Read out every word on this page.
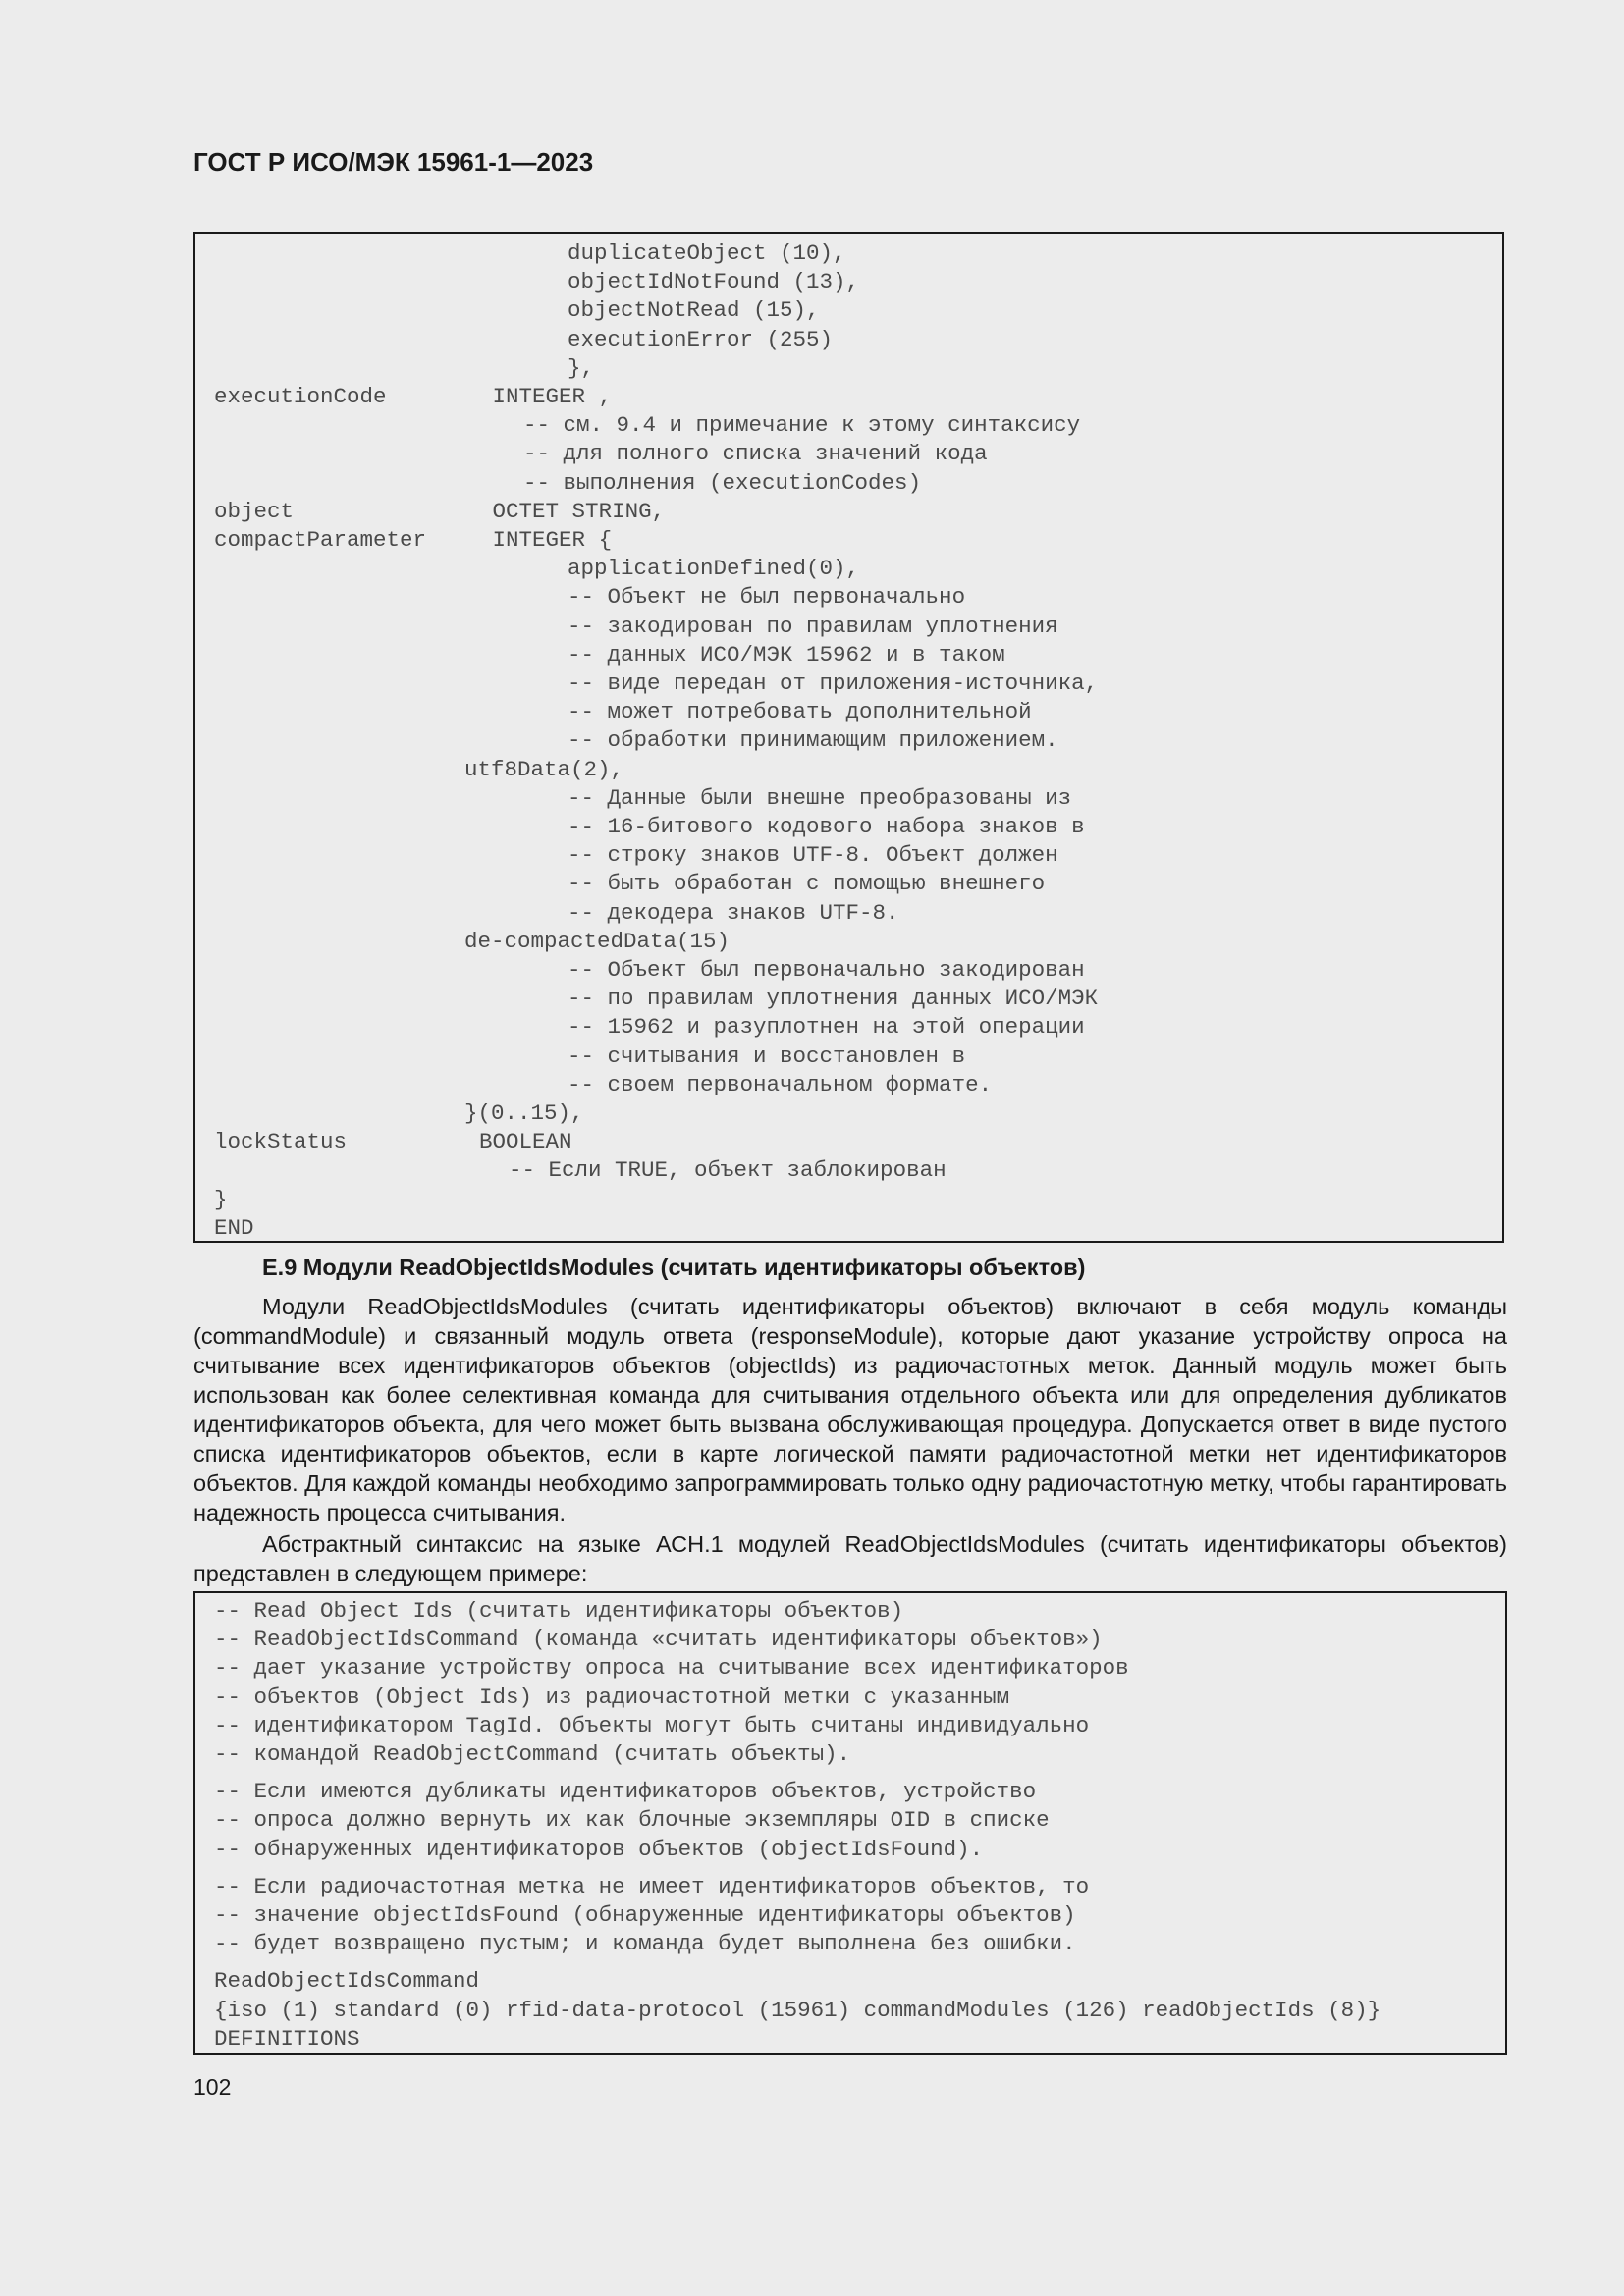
ГОСТ Р ИСО/МЭК 15961-1—2023
duplicateObject (10),
objectIdNotFound (13),
objectNotRead (15),
executionError (255)
},
executionCode        INTEGER ,
-- см. 9.4 и примечание к этому синтаксису
-- для полного списка значений кода
-- выполнения (executionCodes)
object               OCTET STRING,
compactParameter     INTEGER {
applicationDefined(0),
-- Объект не был первоначально
-- закодирован по правилам уплотнения
-- данных ИСО/МЭК 15962 и в таком
-- виде передан от приложения-источника,
-- может потребовать дополнительной
-- обработки принимающим приложением.
utf8Data(2),
-- Данные были внешне преобразованы из
-- 16-битового кодового набора знаков в
-- строку знаков UTF-8. Объект должен
-- быть обработан с помощью внешнего
-- декодера знаков UTF-8.
de-compactedData(15)
-- Объект был первоначально закодирован
-- по правилам уплотнения данных ИСО/МЭК
-- 15962 и разуплотнен на этой операции
-- считывания и восстановлен в
-- своем первоначальном формате.
}(0..15),
lockStatus          BOOLEAN
-- Если TRUE, объект заблокирован
}
END
Е.9 Модули ReadObjectIdsModules (считать идентификаторы объектов)

Модули ReadObjectIdsModules (считать идентификаторы объектов) включают в себя модуль команды (commandModule) и связанный модуль ответа (responseModule), которые дают указание устройству опроса на считывание всех идентификаторов объектов (objectIds) из радиочастотных меток. Данный модуль может быть использован как более селективная команда для считывания отдельного объекта или для определения дубликатов идентификаторов объекта, для чего может быть вызвана обслуживающая процедура. Допускается ответ в виде пустого списка идентификаторов объектов, если в карте логической памяти радиочастотной метки нет идентификаторов объектов. Для каждой команды необходимо запрограммировать только одну радиочастотную метку, чтобы гарантировать надежность процесса считывания.

Абстрактный синтаксис на языке АСН.1 модулей ReadObjectIdsModules (считать идентификаторы объектов) представлен в следующем примере:

-- Read Object Ids (считать идентификаторы объектов)
-- ReadObjectIdsCommand (команда «считать идентификаторы объектов»)
-- дает указание устройству опроса на считывание всех идентификаторов
-- объектов (Object Ids) из радиочастотной метки с указанным
-- идентификатором TagId. Объекты могут быть считаны индивидуально
-- командой ReadObjectCommand (считать объекты).
-- Если имеются дубликаты идентификаторов объектов, устройство
-- опроса должно вернуть их как блочные экземпляры OID в списке
-- обнаруженных идентификаторов объектов (objectIdsFound).
-- Если радиочастотная метка не имеет идентификаторов объектов, то
-- значение objectIdsFound (обнаруженные идентификаторы объектов)
-- будет возвращено пустым; и команда будет выполнена без ошибки.
ReadObjectIdsCommand
{iso (1) standard (0) rfid-data-protocol (15961) commandModules (126) readObjectIds (8)}
DEFINITIONS
102
